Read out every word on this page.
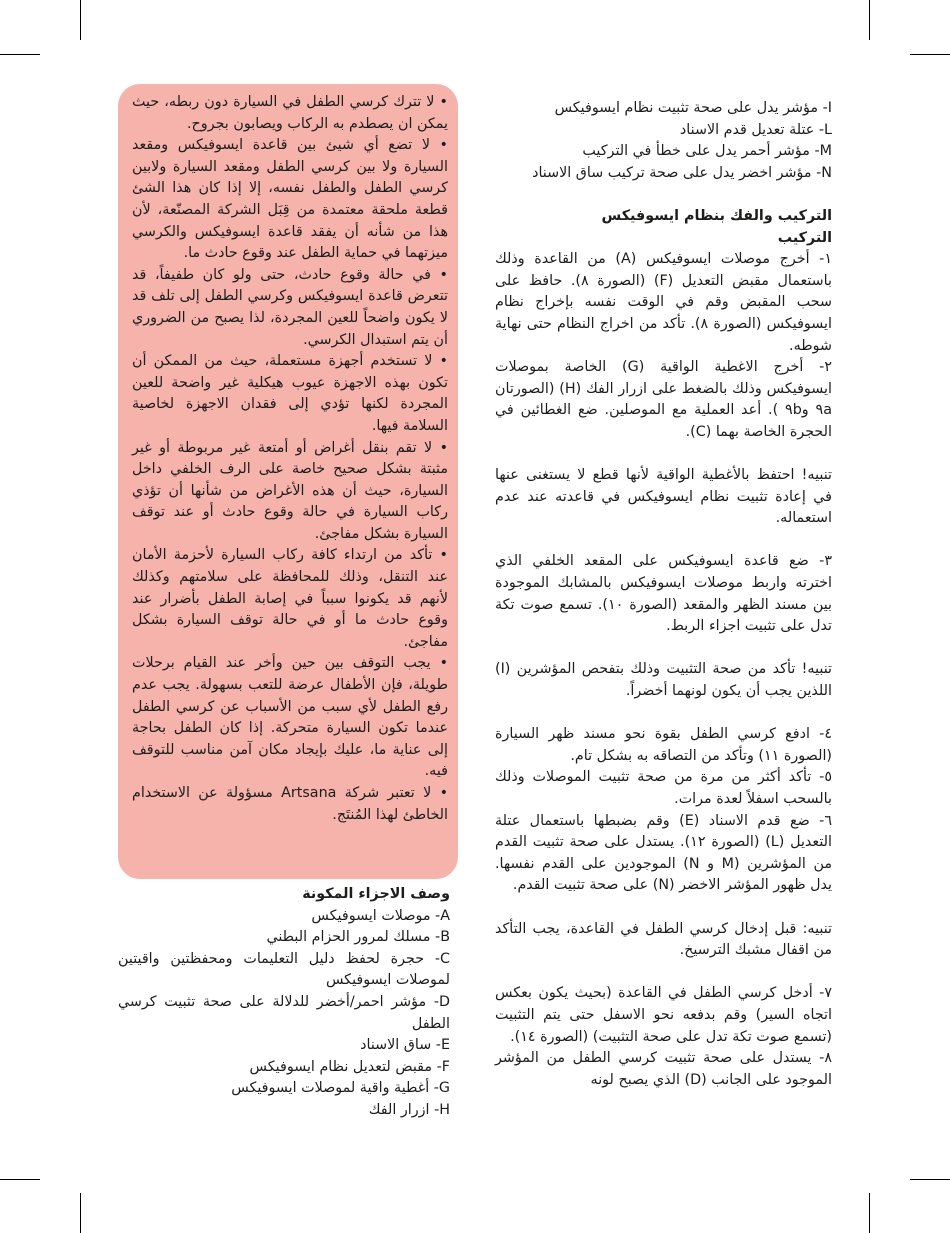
I- مؤشر يدل على صحة تثبيت نظام ايسوفيكس

L- عتلة تعديل قدم الاسناد

M- مؤشر أحمر يدل على خطأ في التركيب

N- مؤشر اخضر يدل على صحة تركيب ساق الاسناد

التركيب والفك بنظام ايسوفيكس
التركيب

١- أخرج موصلات ايسوفيكس (A) من القاعدة وذلك باستعمال مقبض التعديل (F) (الصورة ٨). حافظ على سحب المقبض وقم في الوقت نفسه بإخراج نظام ايسوفيكس (الصورة ٨). تأكد من اخراج النظام حتى نهاية شوطه.

٢- أخرج الاغطية الواقية (G) الخاصة بموصلات ايسوفيكس وذلك بالضغط على ازرار الفك (H) (الصورتان ٩a و٩b ). أعد العملية مع الموصلين. ضع الغطائين في الحجرة الخاصة بهما (C).

تنبيه! احتفظ بالأغطية الواقية لأنها قطع لا يستغنى عنها في إعادة تثبيت نظام ايسوفيكس في قاعدته عند عدم استعماله.

٣- ضع قاعدة ايسوفيكس على المقعد الخلفي الذي اخترته واربط موصلات ايسوفيكس بالمشابك الموجودة بين مسند الظهر والمقعد (الصورة ١٠). تسمع صوت تكة تدل على تثبيت اجزاء الربط.

تنبيه! تأكد من صحة التثبيت وذلك بتفحص المؤشرين (I) اللذين يجب أن يكون لونهما أخضراً.

٤- ادفع كرسي الطفل بقوة نحو مسند ظهر السيارة (الصورة ١١) وتأكد من التصاقه به بشكل تام.

٥- تأكد أكثر من مرة من صحة تثبيت الموصلات وذلك بالسحب اسفلاً لعدة مرات.

٦- ضع قدم الاسناد (E) وقم بضبطها باستعمال عتلة التعديل (L) (الصورة ١٢). يستدل على صحة تثبيت القدم من المؤشرين (M و N) الموجودين على القدم نفسها. يدل ظهور المؤشر الاخضر (N) على صحة تثبيت القدم.

تنبيه: قبل إدخال كرسي الطفل في القاعدة، يجب التأكد من اقفال مشبك الترسيخ.

٧- أدخل كرسي الطفل في القاعدة (بحيث يكون بعكس اتجاه السير) وقم بدفعه نحو الاسفل حتى يتم التثبيت (تسمع صوت تكة تدل على صحة التثبيت) (الصورة ١٤).

٨- يستدل على صحة تثبيت كرسي الطفل من المؤشر الموجود على الجانب (D) الذي يصبح لونه

• لا تترك كرسي الطفل في السيارة دون ربطه، حيث يمكن ان يصطدم به الركاب ويصابون بجروح.

• لا تضع أي شيئ بين قاعدة ايسوفيكس ومقعد السيارة ولا بين كرسي الطفل ومقعد السيارة ولابين كرسي الطفل والطفل نفسه، إلا إذا كان هذا الشئ قطعة ملحقة معتمدة من قِبَل الشركة المصنّعة، لأن هذا من شأنه أن يفقد قاعدة ايسوفيكس والكرسي ميزتهما في حماية الطفل عند وقوع حادث ما.

• في حالة وقوع حادث، حتى ولو كان طفيفاً، قد تتعرض قاعدة ايسوفيكس وكرسي الطفل إلى تلف قد لا يكون واضحاً للعين المجردة، لذا يصبح من الضروري أن يتم استبدال الكرسي.

• لا تستخدم أجهزة مستعملة، حيث من الممكن أن تكون بهذه الاجهزة عيوب هيكلية غير واضحة للعين المجردة لكنها تؤدي إلى فقدان الاجهزة لخاصية السلامة فيها.

• لا تقم بنقل أغراض أو أمتعة غير مربوطة أو غير مثبتة بشكل صحيح خاصة على الرف الخلفي داخل السيارة، حيث أن هذه الأغراض من شأنها أن تؤذي ركاب السيارة في حالة وقوع حادث أو عند توقف السيارة بشكل مفاجئ.

• تأكد من ارتداء كافة ركاب السيارة لأحزمة الأمان عند التنقل، وذلك للمحافظة على سلامتهم وكذلك لأنهم قد يكونوا سبباً في إصابة الطفل بأضرار عند وقوع حادث ما أو في حالة توقف السيارة بشكل مفاجئ.

• يجب التوقف بين حين وأخر عند القيام برحلات طويلة، فإن الأطفال عرضة للتعب بسهولة. يجب عدم رفع الطفل لأي سبب من الأسباب عن كرسي الطفل عندما تكون السيارة متحركة. إذا كان الطفل بحاجة إلى عناية ما، عليك بإيجاد مكان آمن مناسب للتوقف فيه.

• لا تعتبر شركة Artsana مسؤولة عن الاستخدام الخاطئ لهذا المُنتَج.

وصف الاجزاء المكونة

A- موصلات ايسوفيكس

B- مسلك لمرور الحزام البطني

C- حجرة لحفظ دليل التعليمات ومحفظتين واقيتين لموصلات ايسوفيكس

D- مؤشر احمر/أخضر للدلالة على صحة تثبيت كرسي الطفل

E- ساق الاسناد

F- مقبض لتعديل نظام ايسوفيكس

G- أغطية واقية لموصلات ايسوفيكس

H- ازرار الفك
